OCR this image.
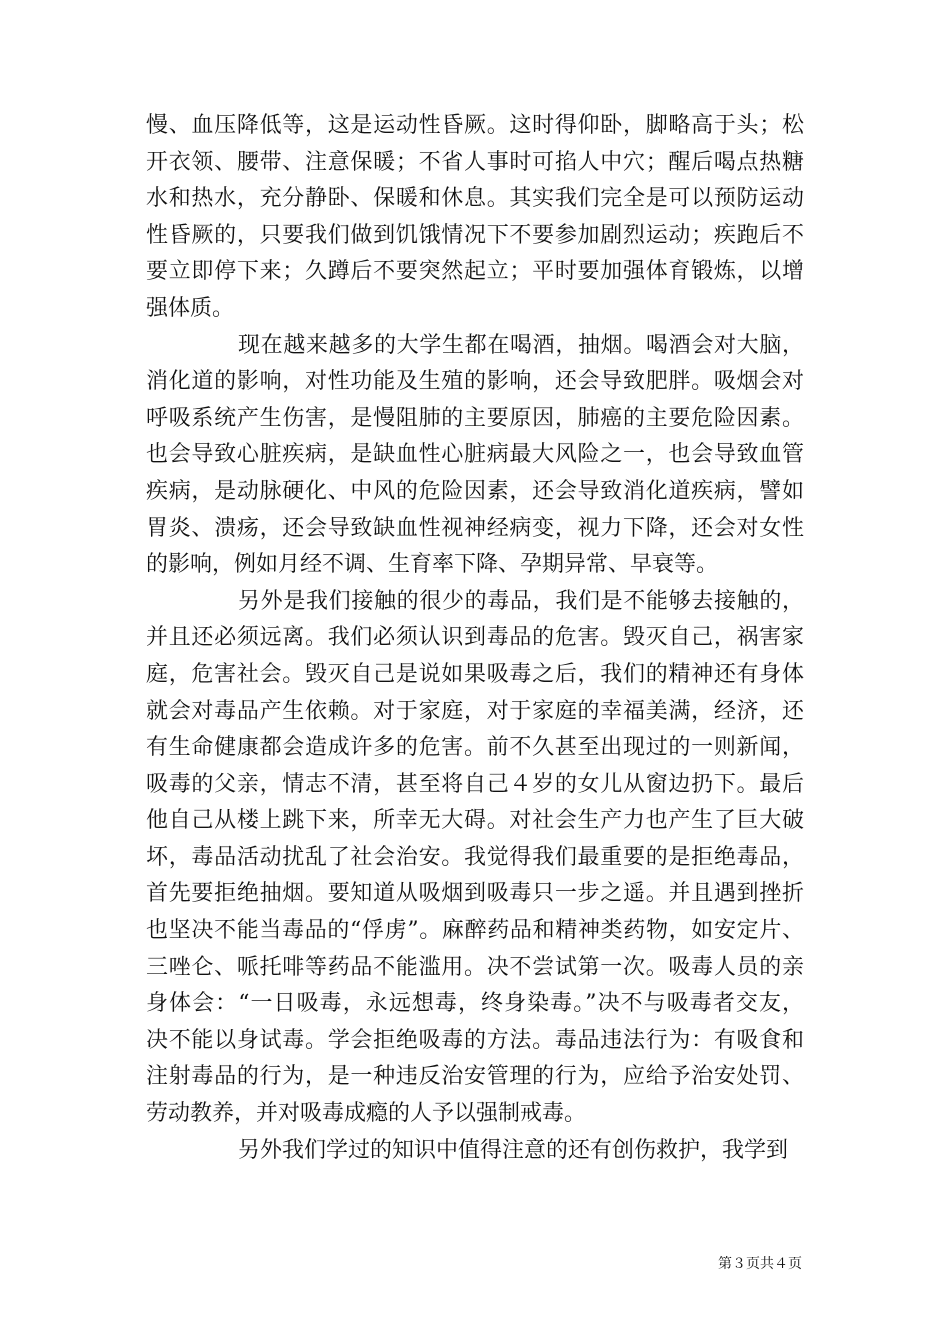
慢、血压降低等，这是运动性昏厥。这时得仰卧，脚略高于头；松
开衣领、腰带、注意保暖；不省人事时可掐人中穴；醒后喝点热糖
水和热水，充分静卧、保暖和休息。其实我们完全是可以预防运动
性昏厥的，只要我们做到饥饿情况下不要参加剧烈运动；疾跑后不
要立即停下来；久蹲后不要突然起立；平时要加强体育锻炼，以增
强体质。
现在越来越多的大学生都在喝酒，抽烟。喝酒会对大脑，
消化道的影响，对性功能及生殖的影响，还会导致肥胖。吸烟会对
呼吸系统产生伤害，是慢阻肺的主要原因，肺癌的主要危险因素。
也会导致心脏疾病，是缺血性心脏病最大风险之一，也会导致血管
疾病，是动脉硬化、中风的危险因素，还会导致消化道疾病，譬如
胃炎、溃疡，还会导致缺血性视神经病变，视力下降，还会对女性
的影响，例如月经不调、生育率下降、孕期异常、早衰等。
另外是我们接触的很少的毒品，我们是不能够去接触的，
并且还必须远离。我们必须认识到毒品的危害。毁灭自己，祸害家
庭，危害社会。毁灭自己是说如果吸毒之后，我们的精神还有身体
就会对毒品产生依赖。对于家庭，对于家庭的幸福美满，经济，还
有生命健康都会造成许多的危害。前不久甚至出现过的一则新闻，
吸毒的父亲，情志不清，甚至将自己４岁的女儿从窗边扔下。最后
他自己从楼上跳下来，所幸无大碍。对社会生产力也产生了巨大破
坏，毒品活动扰乱了社会治安。我觉得我们最重要的是拒绝毒品，
首先要拒绝抽烟。要知道从吸烟到吸毒只一步之遥。并且遇到挫折
也坚决不能当毒品的“俘虏”。麻醉药品和精神类药物，如安定片、
三唑仑、哌托啡等药品不能滥用。决不尝试第一次。吸毒人员的亲
身体会：“一日吸毒，永远想毒，终身染毒。”决不与吸毒者交友，
决不能以身试毒。学会拒绝吸毒的方法。毒品违法行为：有吸食和
注射毒品的行为，是一种违反治安管理的行为，应给予治安处罚、
劳动教养，并对吸毒成瘾的人予以强制戒毒。
另外我们学过的知识中值得注意的还有创伤救护，我学到
第３页共４页
